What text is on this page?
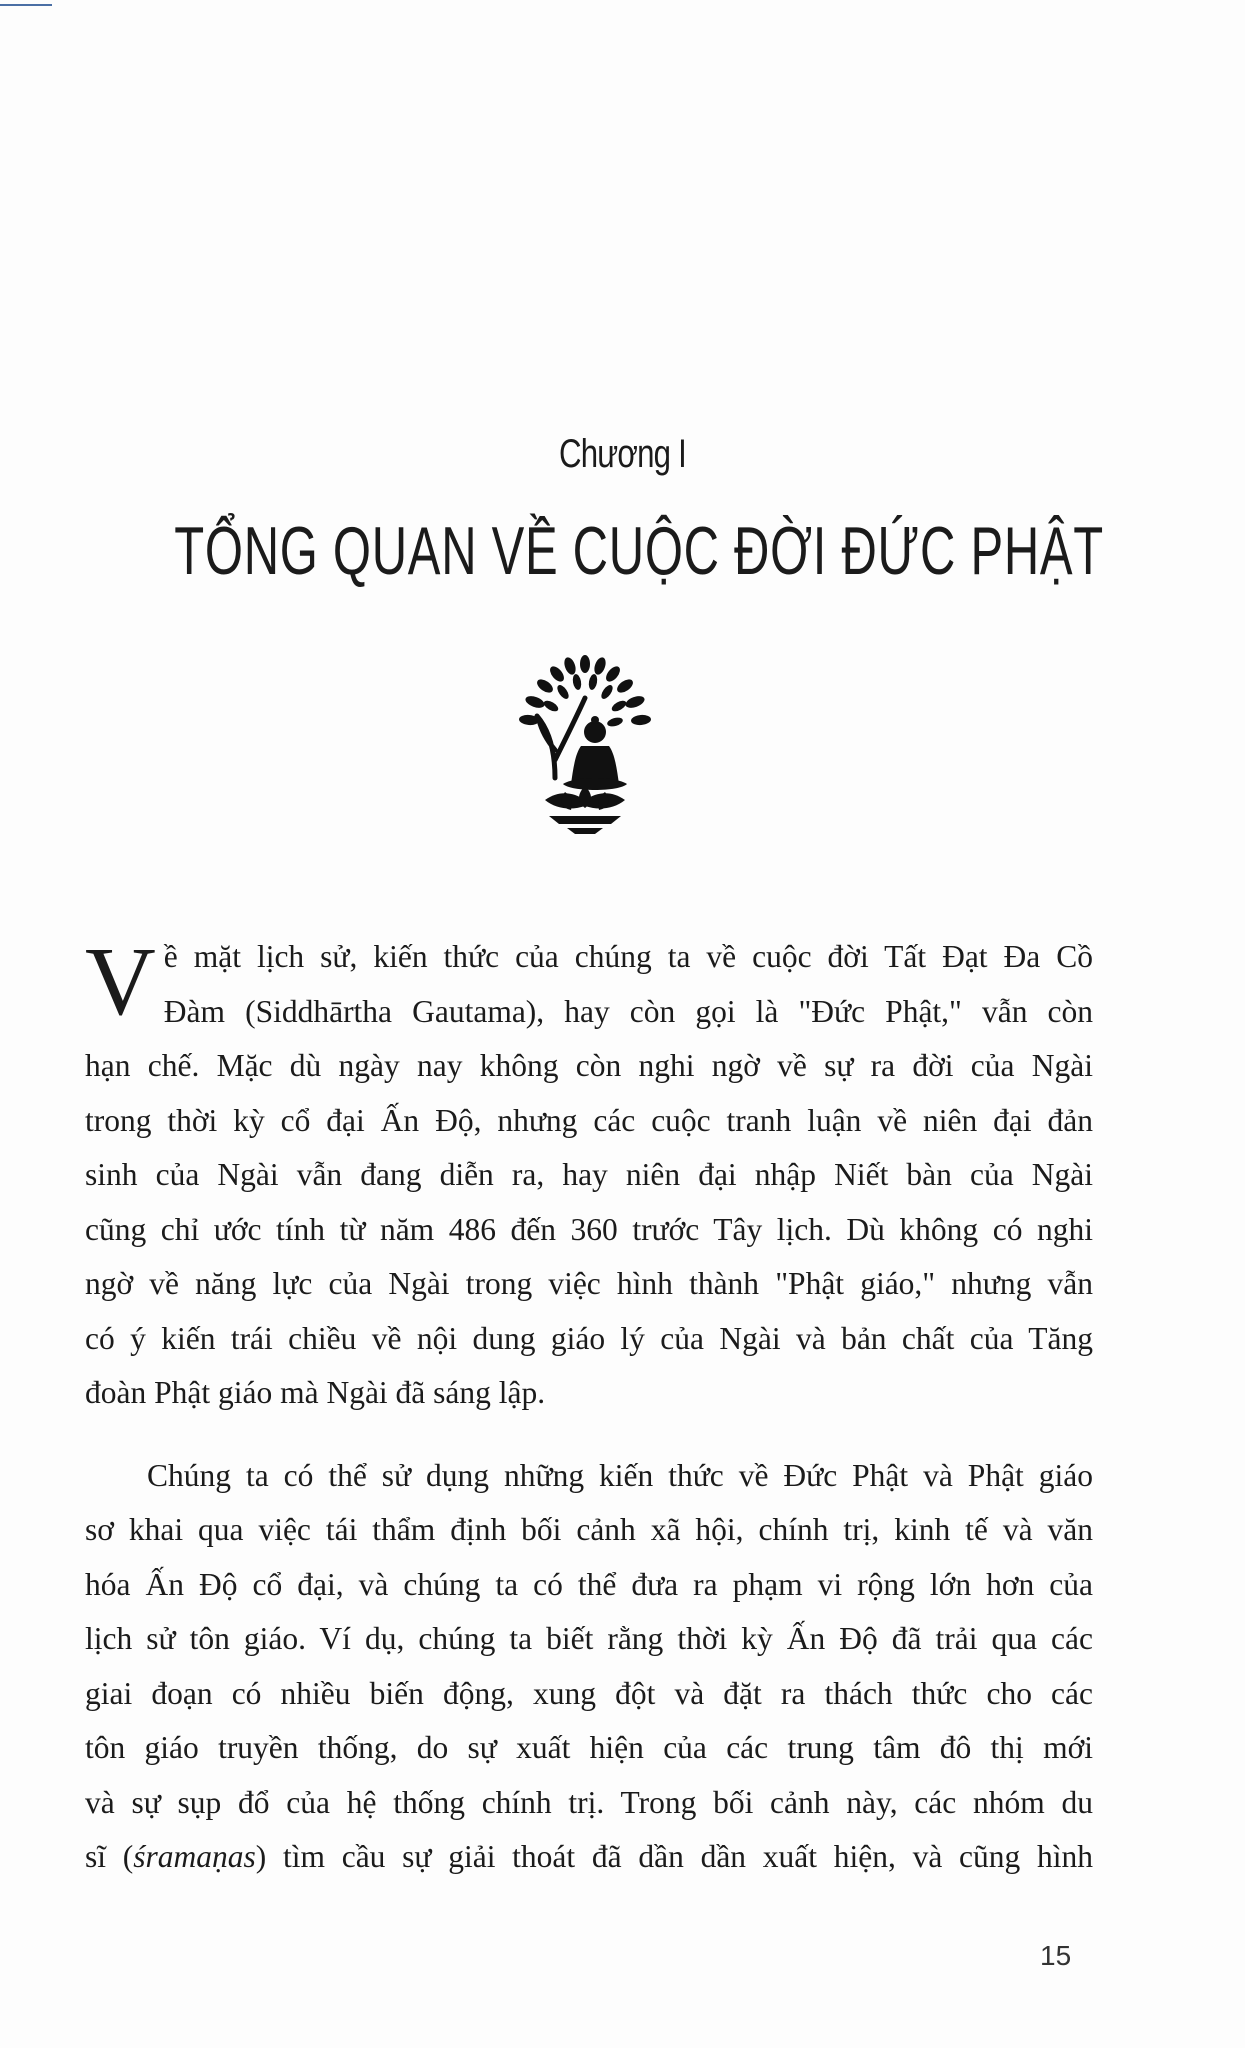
Chương I
TỔNG QUAN VỀ CUỘC ĐỜI ĐỨC PHẬT
V ề mặt lịch sử, kiến thức của chúng ta về cuộc đời Tất Đạt Đa Cồ
Đàm (Siddhārtha Gautama), hay còn gọi là "Đức Phật," vẫn còn
hạn chế. Mặc dù ngày nay không còn nghi ngờ về sự ra đời của Ngài
trong thời kỳ cổ đại Ấn Độ, nhưng các cuộc tranh luận về niên đại đản
sinh của Ngài vẫn đang diễn ra, hay niên đại nhập Niết bàn của Ngài
cũng chỉ ước tính từ năm 486 đến 360 trước Tây lịch. Dù không có nghi
ngờ về năng lực của Ngài trong việc hình thành "Phật giáo," nhưng vẫn
có ý kiến trái chiều về nội dung giáo lý của Ngài và bản chất của Tăng
đoàn Phật giáo mà Ngài đã sáng lập.
Chúng ta có thể sử dụng những kiến thức về Đức Phật và Phật giáo
sơ khai qua việc tái thẩm định bối cảnh xã hội, chính trị, kinh tế và văn
hóa Ấn Độ cổ đại, và chúng ta có thể đưa ra phạm vi rộng lớn hơn của
lịch sử tôn giáo. Ví dụ, chúng ta biết rằng thời kỳ Ấn Độ đã trải qua các
giai đoạn có nhiều biến động, xung đột và đặt ra thách thức cho các
tôn giáo truyền thống, do sự xuất hiện của các trung tâm đô thị mới
và sự sụp đổ của hệ thống chính trị. Trong bối cảnh này, các nhóm du
sĩ (śramaṇas) tìm cầu sự giải thoát đã dần dần xuất hiện, và cũng hình
15
